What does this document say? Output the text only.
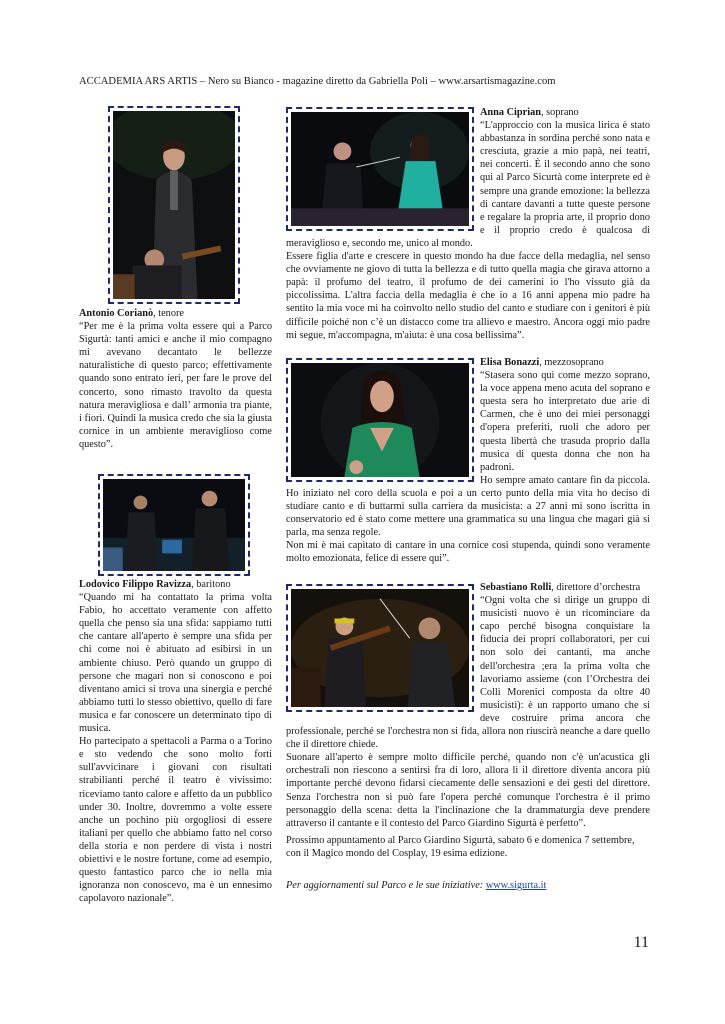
ACCADEMIA ARS ARTIS – Nero su Bianco - magazine diretto da Gabriella Poli – www.arsartismagazine.com

Antonio Corianò, tenore

“Per me è la prima volta essere qui a Parco Sigurtà: tanti amici e anche il mio compagno mi avevano decantato le bellezze naturalistiche di questo parco; effettivamente quando sono entrato ieri, per fare le prove del concerto, sono rimasto travolto da questa natura meravigliosa e dall’ armonia tra piante, i fiori. Quindi la musica credo che sia la giusta cornice in un ambiente meraviglioso come questo”.

Lodovico Filippo Ravizza, baritono

“Quando mi ha contattato la prima volta Fabio, ho accettato veramente con affetto quella che penso sia una sfida: sappiamo tutti che cantare all'aperto è sempre una sfida per chi come noi è abituato ad esibirsi in un ambiente chiuso. Però quando un gruppo di persone che magari non si conoscono e poi diventano amici si trova una sinergia e perché abbiamo tutti lo stesso obiettivo, quello di fare musica e far conoscere un determinato tipo di musica.

Ho partecipato a spettacoli a Parma o a Torino e sto vedendo che sono molto forti sull'avvicinare i giovani con risultati strabilianti perché il teatro è vivissimo: riceviamo tanto calore e affetto da un pubblico under 30. Inoltre, dovremmo a volte essere anche un pochino più orgogliosi di essere italiani per quello che abbiamo fatto nel corso della storia e non perdere di vista i nostri obiettivi e le nostre fortune, come ad esempio, questo fantastico parco che io nella mia ignoranza non conoscevo, ma è un ennesimo capolavoro nazionale”.

Anna Ciprian, soprano

“L'approccio con la musica lirica è stato abbastanza in sordina perché sono nata e cresciuta, grazie a mio papà, nei teatri, nei concerti. È il secondo anno che sono qui al Parco Sicurtà come interprete ed è sempre una grande emozione: la bellezza di cantare davanti a tutte queste persone e regalare la propria arte, il proprio dono e il proprio credo è qualcosa di meraviglioso e, secondo me, unico al mondo.

Essere figlia d'arte e crescere in questo mondo ha due facce della medaglia, nel senso che ovviamente ne giovo di tutta la bellezza e di tutto quella magia che girava attorno a papà: il profumo del teatro, il profumo de dei camerini io l'ho vissuto già da piccolissima. L'altra faccia della medaglia è che io a 16 anni appena mio padre ha sentito la mia voce mi ha coinvolto nello studio del canto e studiare con i genitori è più difficile poiché non c’è un distacco come tra allievo e maestro. Ancora oggi mio padre mi segue, m'accompagna, m'aiuta: è una cosa bellissima”.

Elisa Bonazzi, mezzosoprano

“Stasera sono qui come mezzo soprano, la voce appena meno acuta del soprano e questa sera ho interpretato due arie di Carmen, che è uno dei miei personaggi d'opera preferiti, ruoli che adoro per questa libertà che trasuda proprio dalla musica di questa donna che non ha padroni.

Ho sempre amato cantare fin da piccola. Ho iniziato nel coro della scuola e poi a un certo punto della mia vita ho deciso di studiare canto e di buttarmi sulla carriera da musicista: a 27 anni mi sono iscritta in conservatorio ed è stato come mettere una grammatica su una lingua che magari già si parla, ma senza regole.

Non mi è mai capitato di cantare in una cornice così stupenda, quindi sono veramente molto emozionata, felice di essere qui”.

Sebastiano Rolli, direttore d’orchestra

“Ogni volta che si dirige un gruppo di musicisti nuovo è un ricominciare da capo perché bisogna conquistare la fiducia dei propri collaboratori, per cui non solo dei cantanti, ma anche dell'orchestra ;era la prima volta che lavoriamo assieme (con l’Orchestra dei Colli Morenici composta da oltre 40 musicisti): è un rapporto umano che si deve costruire prima ancora che professionale, perché se l'orchestra non si fida, allora non riuscirà neanche a dare quello che il direttore chiede.

Suonare all'aperto è sempre molto difficile perché, quando non c'è un'acustica gli orchestrali non riescono a sentirsi fra di loro, allora lì il direttore diventa ancora più importante perché devono fidarsi ciecamente delle sensazioni e dei gesti del direttore. Senza l'orchestra non si può fare l'opera perché comunque l'orchestra è il primo personaggio della scena: detta la l'inclinazione che la drammaturgia deve prendere attraverso il cantante e il contesto del Parco Giardino Sigurtà è perfetto”.

Prossimo appuntamento al Parco Giardino Sigurtà, sabato 6 e domenica 7 settembre, con il Magico mondo del Cosplay, 19 esima edizione.

Per aggiornamenti sul Parco e le sue iniziative: www.sigurta.it

11
